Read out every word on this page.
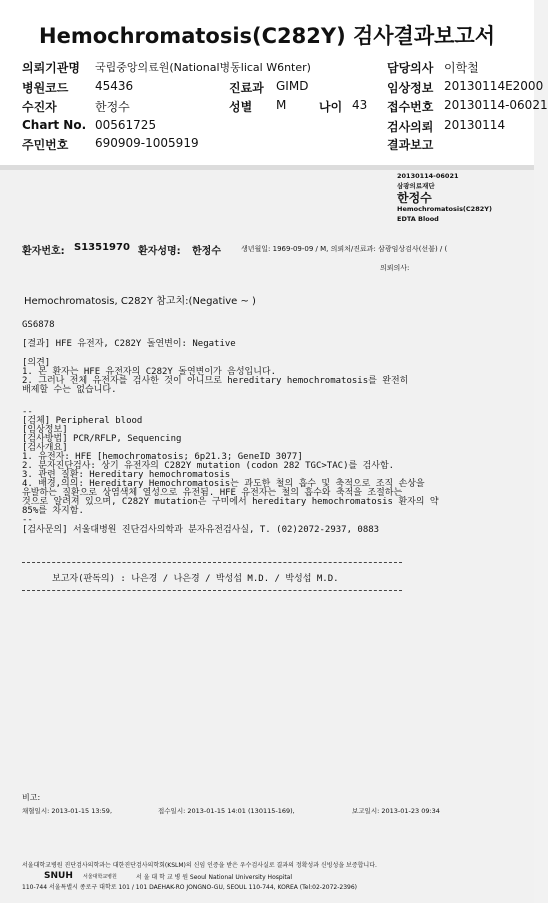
Hemochromatosis(C282Y) 검사결과보고서
의뢰기관명 국립중앙의료원(National병동lical W6nter)	담당의사 이학철
병원코드 45436	진료과 GIMD	임상정보 20130114E2000
수진자	한정수	성별 M	나이 43 접수번호 20130114-06021
Chart No. 00561725	검사의뢰 20130114
주민번호 690909-1005919	결과보고
20130114-06021
삼광의료재단
한정수
Hemochromatosis(C282Y)
EDTA Blood
환자번호: S1351970 환자성명: 한정수	생년월일: 1969-09-09 / M, 의뢰처/진료과: 삼광임상검사(선불) / (
의뢰의사:
Hemochromatosis, C282Y 참고치:(Negative ~ )
GS6878
[결과] HFE 유전자, C282Y 돌연변이: Negative
[의견]
1. 본 환자는 HFE 유전자의 C282Y 돌연변이가 음성입니다.
2. 그러나 전체 유전자를 검사한 것이 아니므로 hereditary hemochromatosis를 완전히
배제할 수는 없습니다.
--
[검체] Peripheral blood
[임상정보]
[검사방법] PCR/RFLP, Sequencing
[검사개요]
1. 유전자: HFE [hemochromatosis; 6p21.3; GeneID 3077]
2. 분자진단검사: 상기 유전자의 C282Y mutation (codon 282 TGC>TAC)를 검사함.
3. 관련 질환: Hereditary hemochromatosis
4. 배경,의의: Hereditary Hemochromatosis는 과도한 철의 흡수 및 축적으로 조직 손상을
유발하는 질환으로 상염색체 열성으로 유전됨. HFE 유전자는 철의 흡수와 축적을 조절하는
것으로 알려져 있으며, C282Y mutation은 구미에서 hereditary hemochromatosis 환자의 약
85%를 차지함.
--
[검사문의] 서울대병원 진단검사의학과 분자유전검사실, T. (02)2072-2937, 0883
보고자(판독의) : 나은경 / 나은경 / 박성섭 M.D. / 박성섭 M.D.
비고:
채혈일시: 2013-01-15 13:59,	접수일시: 2013-01-15 14:01 (130115-169),	보고일시: 2013-01-23 09:34
서울대학교병원 진단검사의학과는 대한진단검사의학회(KSLM)의 신임 인증을 받은 우수검사실로 결과의 정확성과 신빙성을 보증합니다.
SNUH 서울대학교병원	서 울 대 학 교 병 원 Seoul National University Hospital
110-744 서울특별시 종로구 대학로 101 / 101 DAEHAK-RO JONGNO-GU, SEOUL 110-744, KOREA (Tel:02-2072-2396)
